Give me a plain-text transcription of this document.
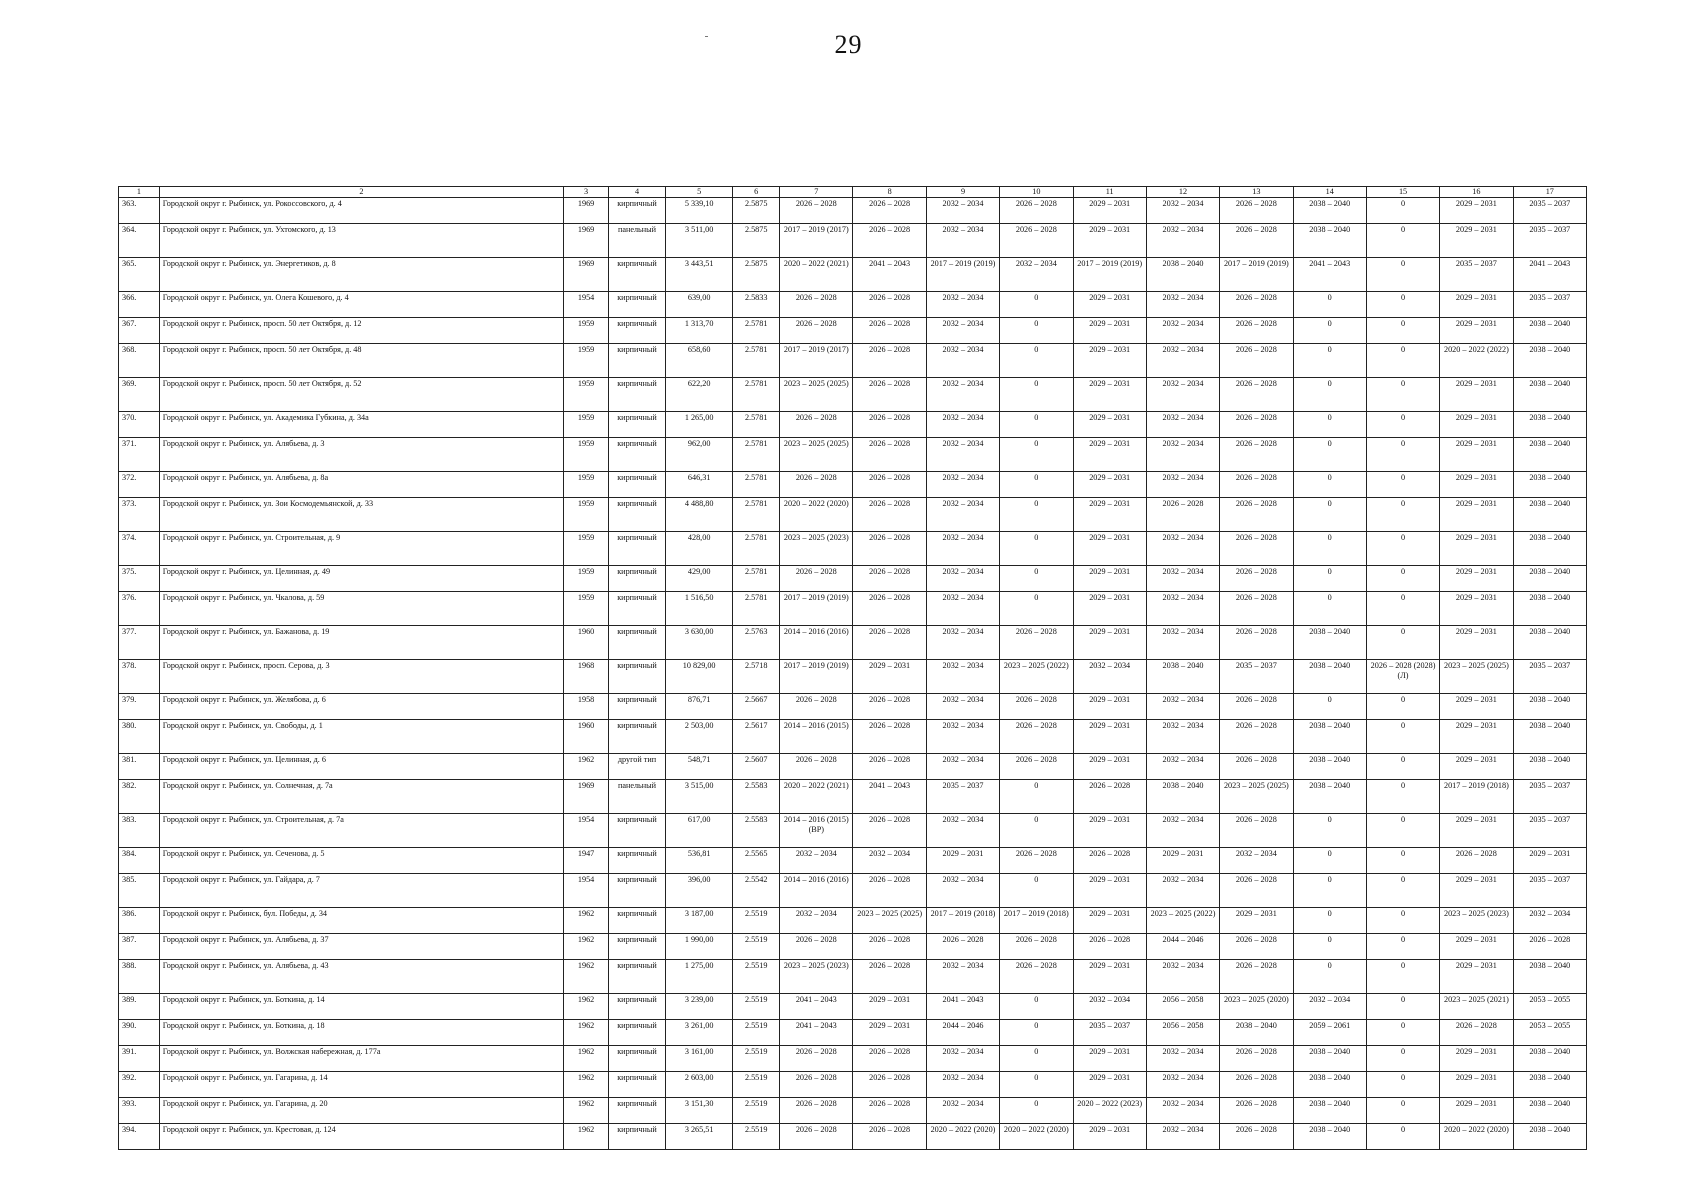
29
1	2	3	4	5	6	7	8	9	10	11	12	13	14	15	16	17
363.	Городской округ г. Рыбинск, ул. Рокоссовского, д. 4	1969	кирпичный	5 339,10	2.5875	2026 – 2028	2026 – 2028	2032 – 2034	2026 – 2028	2029 – 2031	2032 – 2034	2026 – 2028	2038 – 2040	0	2029 – 2031	2035 – 2037
364.	Городской округ г. Рыбинск, ул. Ухтомского, д. 13	1969	панельный	3 511,00	2.5875	2017 – 2019 (2017)	2026 – 2028	2032 – 2034	2026 – 2028	2029 – 2031	2032 – 2034	2026 – 2028	2038 – 2040	0	2029 – 2031	2035 – 2037
365.	Городской округ г. Рыбинск, ул. Энергетиков, д. 8	1969	кирпичный	3 443,51	2.5875	2020 – 2022 (2021)	2041 – 2043	2017 – 2019 (2019)	2032 – 2034	2017 – 2019 (2019)	2038 – 2040	2017 – 2019 (2019)	2041 – 2043	0	2035 – 2037	2041 – 2043
366.	Городской округ г. Рыбинск, ул. Олега Кошевого, д. 4	1954	кирпичный	639,00	2.5833	2026 – 2028	2026 – 2028	2032 – 2034	0	2029 – 2031	2032 – 2034	2026 – 2028	0	0	2029 – 2031	2035 – 2037
367.	Городской округ г. Рыбинск, просп. 50 лет Октября, д. 12	1959	кирпичный	1 313,70	2.5781	2026 – 2028	2026 – 2028	2032 – 2034	0	2029 – 2031	2032 – 2034	2026 – 2028	0	0	2029 – 2031	2038 – 2040
368.	Городской округ г. Рыбинск, просп. 50 лет Октября, д. 48	1959	кирпичный	658,60	2.5781	2017 – 2019 (2017)	2026 – 2028	2032 – 2034	0	2029 – 2031	2032 – 2034	2026 – 2028	0	0	2020 – 2022 (2022)	2038 – 2040
369.	Городской округ г. Рыбинск, просп. 50 лет Октября, д. 52	1959	кирпичный	622,20	2.5781	2023 – 2025 (2025)	2026 – 2028	2032 – 2034	0	2029 – 2031	2032 – 2034	2026 – 2028	0	0	2029 – 2031	2038 – 2040
370.	Городской округ г. Рыбинск, ул. Академика Губкина, д. 34а	1959	кирпичный	1 265,00	2.5781	2026 – 2028	2026 – 2028	2032 – 2034	0	2029 – 2031	2032 – 2034	2026 – 2028	0	0	2029 – 2031	2038 – 2040
371.	Городской округ г. Рыбинск, ул. Алябьева, д. 3	1959	кирпичный	962,00	2.5781	2023 – 2025 (2025)	2026 – 2028	2032 – 2034	0	2029 – 2031	2032 – 2034	2026 – 2028	0	0	2029 – 2031	2038 – 2040
372.	Городской округ г. Рыбинск, ул. Алябьева, д. 8а	1959	кирпичный	646,31	2.5781	2026 – 2028	2026 – 2028	2032 – 2034	0	2029 – 2031	2032 – 2034	2026 – 2028	0	0	2029 – 2031	2038 – 2040
373.	Городской округ г. Рыбинск, ул. Зои Космодемьянской, д. 33	1959	кирпичный	4 488,80	2.5781	2020 – 2022 (2020)	2026 – 2028	2032 – 2034	0	2029 – 2031	2026 – 2028	2026 – 2028	0	0	2029 – 2031	2038 – 2040
374.	Городской округ г. Рыбинск, ул. Строительная, д. 9	1959	кирпичный	428,00	2.5781	2023 – 2025 (2023)	2026 – 2028	2032 – 2034	0	2029 – 2031	2032 – 2034	2026 – 2028	0	0	2029 – 2031	2038 – 2040
375.	Городской округ г. Рыбинск, ул. Целинная, д. 49	1959	кирпичный	429,00	2.5781	2026 – 2028	2026 – 2028	2032 – 2034	0	2029 – 2031	2032 – 2034	2026 – 2028	0	0	2029 – 2031	2038 – 2040
376.	Городской округ г. Рыбинск, ул. Чкалова, д. 59	1959	кирпичный	1 516,50	2.5781	2017 – 2019 (2019)	2026 – 2028	2032 – 2034	0	2029 – 2031	2032 – 2034	2026 – 2028	0	0	2029 – 2031	2038 – 2040
377.	Городской округ г. Рыбинск, ул. Бажанова, д. 19	1960	кирпичный	3 630,00	2.5763	2014 – 2016 (2016)	2026 – 2028	2032 – 2034	2026 – 2028	2029 – 2031	2032 – 2034	2026 – 2028	2038 – 2040	0	2029 – 2031	2038 – 2040
378.	Городской округ г. Рыбинск, просп. Серова, д. 3	1968	кирпичный	10 829,00	2.5718	2017 – 2019 (2019)	2029 – 2031	2032 – 2034	2023 – 2025 (2022)	2032 – 2034	2038 – 2040	2035 – 2037	2038 – 2040	2026 – 2028 (2028) (Л)	2023 – 2025 (2025)	2035 – 2037
379.	Городской округ г. Рыбинск, ул. Желябова, д. 6	1958	кирпичный	876,71	2.5667	2026 – 2028	2026 – 2028	2032 – 2034	2026 – 2028	2029 – 2031	2032 – 2034	2026 – 2028	0	0	2029 – 2031	2038 – 2040
380.	Городской округ г. Рыбинск, ул. Свободы, д. 1	1960	кирпичный	2 503,00	2.5617	2014 – 2016 (2015)	2026 – 2028	2032 – 2034	2026 – 2028	2029 – 2031	2032 – 2034	2026 – 2028	2038 – 2040	0	2029 – 2031	2038 – 2040
381.	Городской округ г. Рыбинск, ул. Целинная, д. 6	1962	другой тип	548,71	2.5607	2026 – 2028	2026 – 2028	2032 – 2034	2026 – 2028	2029 – 2031	2032 – 2034	2026 – 2028	2038 – 2040	0	2029 – 2031	2038 – 2040
382.	Городской округ г. Рыбинск, ул. Солнечная, д. 7а	1969	панельный	3 515,00	2.5583	2020 – 2022 (2021)	2041 – 2043	2035 – 2037	0	2026 – 2028	2038 – 2040	2023 – 2025 (2025)	2038 – 2040	0	2017 – 2019 (2018)	2035 – 2037
383.	Городской округ г. Рыбинск, ул. Строительная, д. 7а	1954	кирпичный	617,00	2.5583	2014 – 2016 (2015) (ВР)	2026 – 2028	2032 – 2034	0	2029 – 2031	2032 – 2034	2026 – 2028	0	0	2029 – 2031	2035 – 2037
384.	Городской округ г. Рыбинск, ул. Сеченова, д. 5	1947	кирпичный	536,81	2.5565	2032 – 2034	2032 – 2034	2029 – 2031	2026 – 2028	2026 – 2028	2029 – 2031	2032 – 2034	0	0	2026 – 2028	2029 – 2031
385.	Городской округ г. Рыбинск, ул. Гайдара, д. 7	1954	кирпичный	396,00	2.5542	2014 – 2016 (2016)	2026 – 2028	2032 – 2034	0	2029 – 2031	2032 – 2034	2026 – 2028	0	0	2029 – 2031	2035 – 2037
386.	Городской округ г. Рыбинск, бул. Победы, д. 34	1962	кирпичный	3 187,00	2.5519	2032 – 2034	2023 – 2025 (2025)	2017 – 2019 (2018)	2017 – 2019 (2018)	2029 – 2031	2023 – 2025 (2022)	2029 – 2031	0	0	2023 – 2025 (2023)	2032 – 2034
387.	Городской округ г. Рыбинск, ул. Алябьева, д. 37	1962	кирпичный	1 990,00	2.5519	2026 – 2028	2026 – 2028	2026 – 2028	2026 – 2028	2026 – 2028	2044 – 2046	2026 – 2028	0	0	2029 – 2031	2026 – 2028
388.	Городской округ г. Рыбинск, ул. Алябьева, д. 43	1962	кирпичный	1 275,00	2.5519	2023 – 2025 (2023)	2026 – 2028	2032 – 2034	2026 – 2028	2029 – 2031	2032 – 2034	2026 – 2028	0	0	2029 – 2031	2038 – 2040
389.	Городской округ г. Рыбинск, ул. Боткина, д. 14	1962	кирпичный	3 239,00	2.5519	2041 – 2043	2029 – 2031	2041 – 2043	0	2032 – 2034	2056 – 2058	2023 – 2025 (2020)	2032 – 2034	0	2023 – 2025 (2021)	2053 – 2055
390.	Городской округ г. Рыбинск, ул. Боткина, д. 18	1962	кирпичный	3 261,00	2.5519	2041 – 2043	2029 – 2031	2044 – 2046	0	2035 – 2037	2056 – 2058	2038 – 2040	2059 – 2061	0	2026 – 2028	2053 – 2055
391.	Городской округ г. Рыбинск, ул. Волжская набережная, д. 177а	1962	кирпичный	3 161,00	2.5519	2026 – 2028	2026 – 2028	2032 – 2034	0	2029 – 2031	2032 – 2034	2026 – 2028	2038 – 2040	0	2029 – 2031	2038 – 2040
392.	Городской округ г. Рыбинск, ул. Гагарина, д. 14	1962	кирпичный	2 603,00	2.5519	2026 – 2028	2026 – 2028	2032 – 2034	0	2029 – 2031	2032 – 2034	2026 – 2028	2038 – 2040	0	2029 – 2031	2038 – 2040
393.	Городской округ г. Рыбинск, ул. Гагарина, д. 20	1962	кирпичный	3 151,30	2.5519	2026 – 2028	2026 – 2028	2032 – 2034	0	2020 – 2022 (2023)	2032 – 2034	2026 – 2028	2038 – 2040	0	2029 – 2031	2038 – 2040
394.	Городской округ г. Рыбинск, ул. Крестовая, д. 124	1962	кирпичный	3 265,51	2.5519	2026 – 2028	2026 – 2028	2020 – 2022 (2020)	2020 – 2022 (2020)	2029 – 2031	2032 – 2034	2026 – 2028	2038 – 2040	0	2020 – 2022 (2020)	2038 – 2040
